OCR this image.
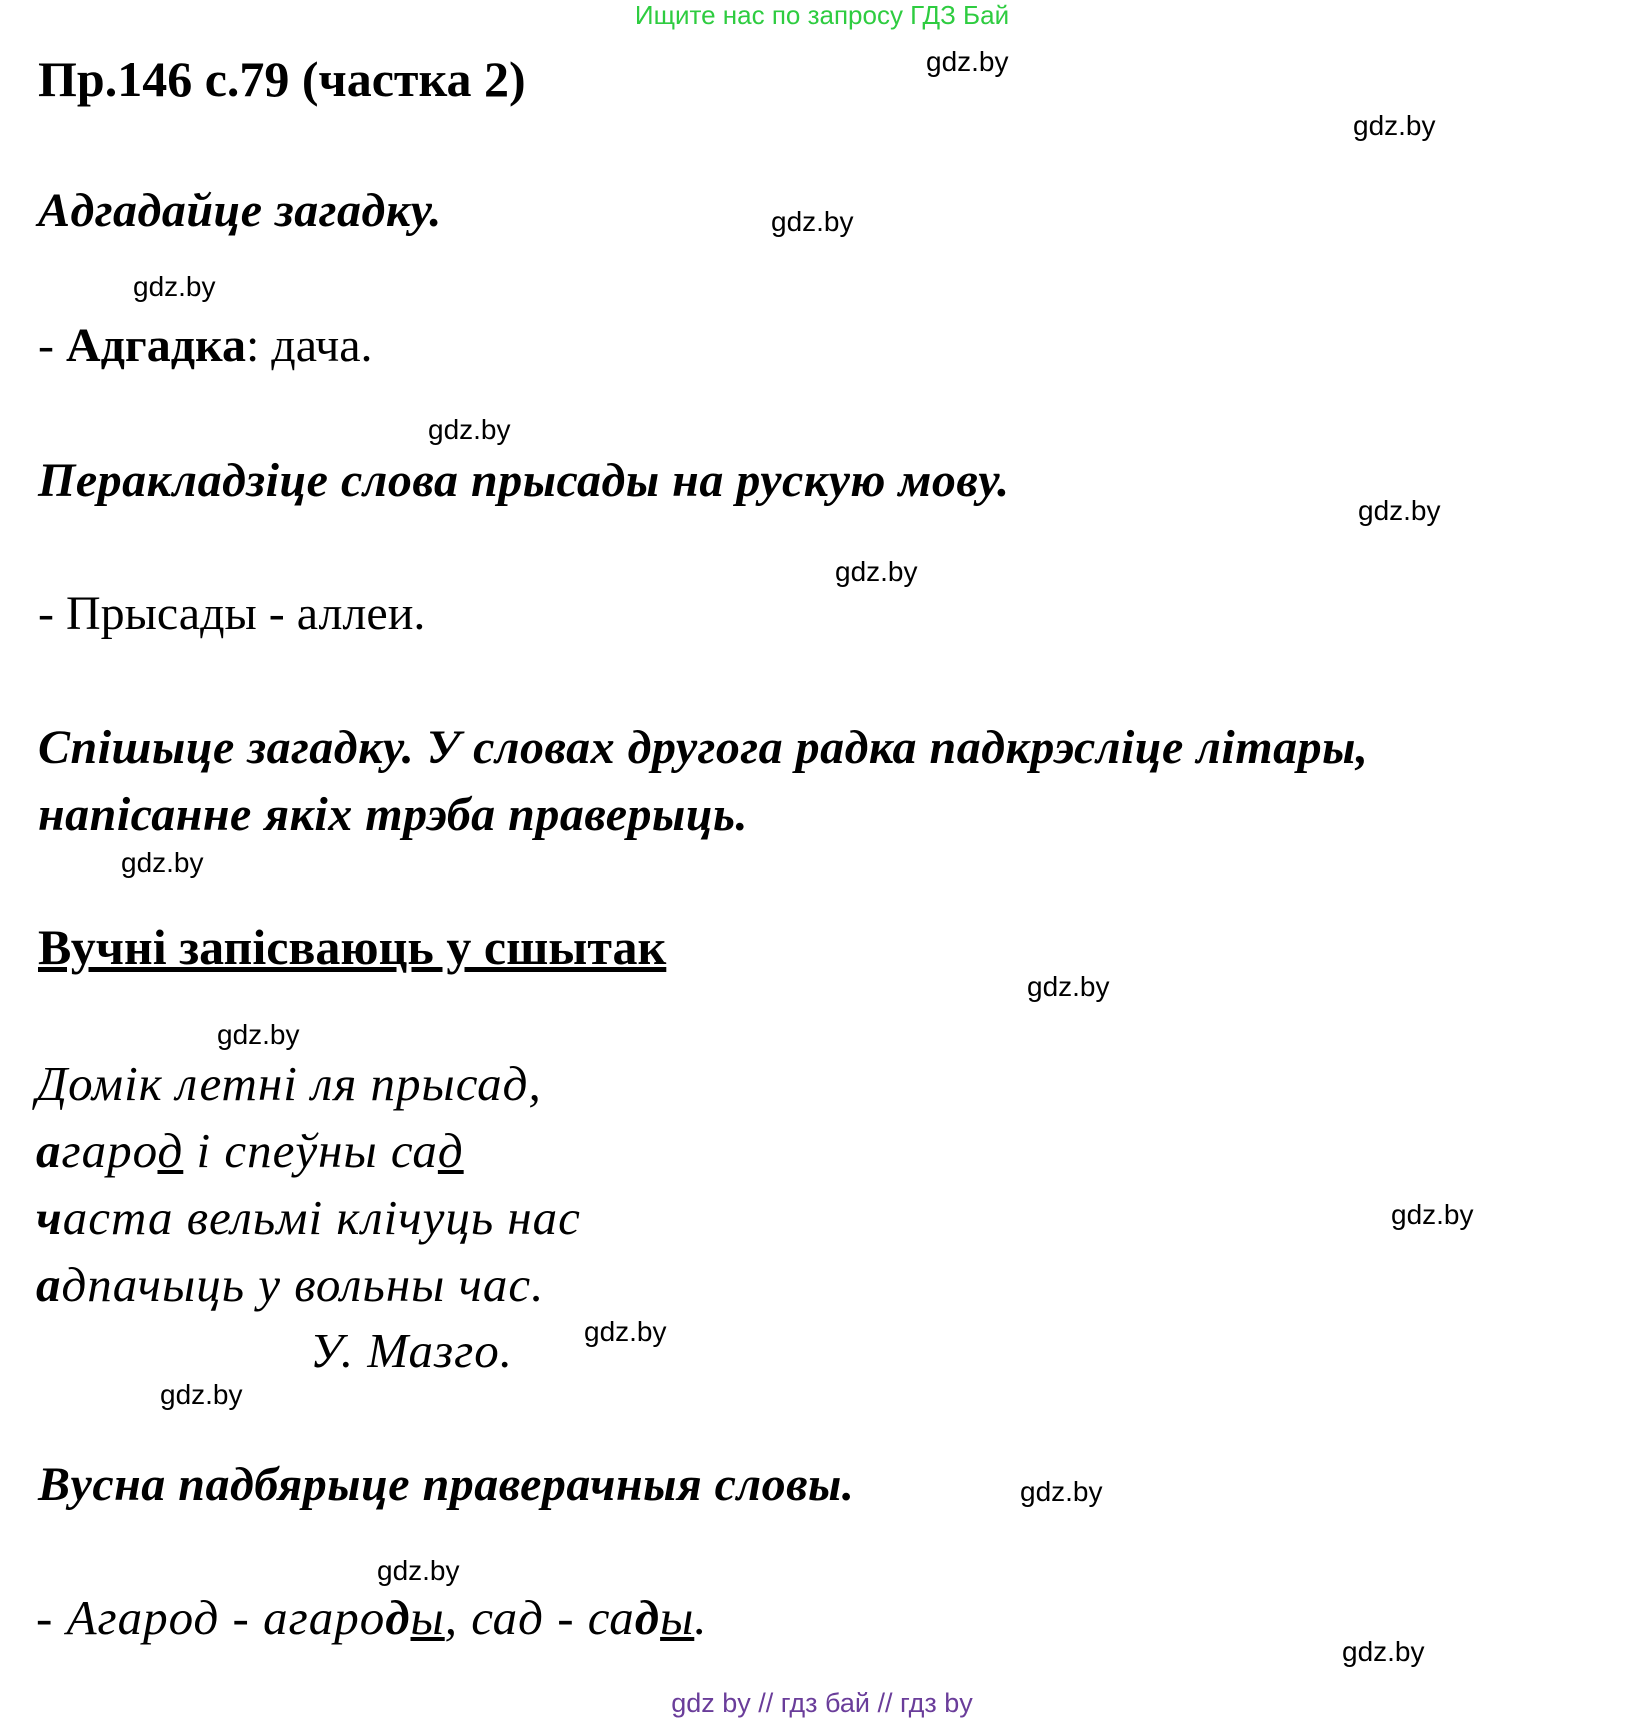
Ищите нас по запросу ГДЗ Бай
Пр.146 с.79 (частка 2)
Адгадайце загадку.
- Адгадка: дача.
Перакладзіце слова прысады на рускую мову.
- Прысады - аллеи.
Спішыце загадку. У словах другога радка падкрэсліце літары,
напісанне якіх трэба праверыць.
Вучні запісваюць у сшытак
Домік летні ля прысад,
агарод і спеўны сад
часта вельмі клічуць нас
адпачыць у вольны час.
У. Мазго.
Вусна падбярыце праверачныя словы.
- Агарод - агароды, сад - сады.
gdz.by
gdz.by
gdz.by
gdz.by
gdz.by
gdz.by
gdz.by
gdz.by
gdz.by
gdz.by
gdz.by
gdz.by
gdz.by
gdz.by
gdz.by
gdz.by
gdz by // гдз бай // гдз by
